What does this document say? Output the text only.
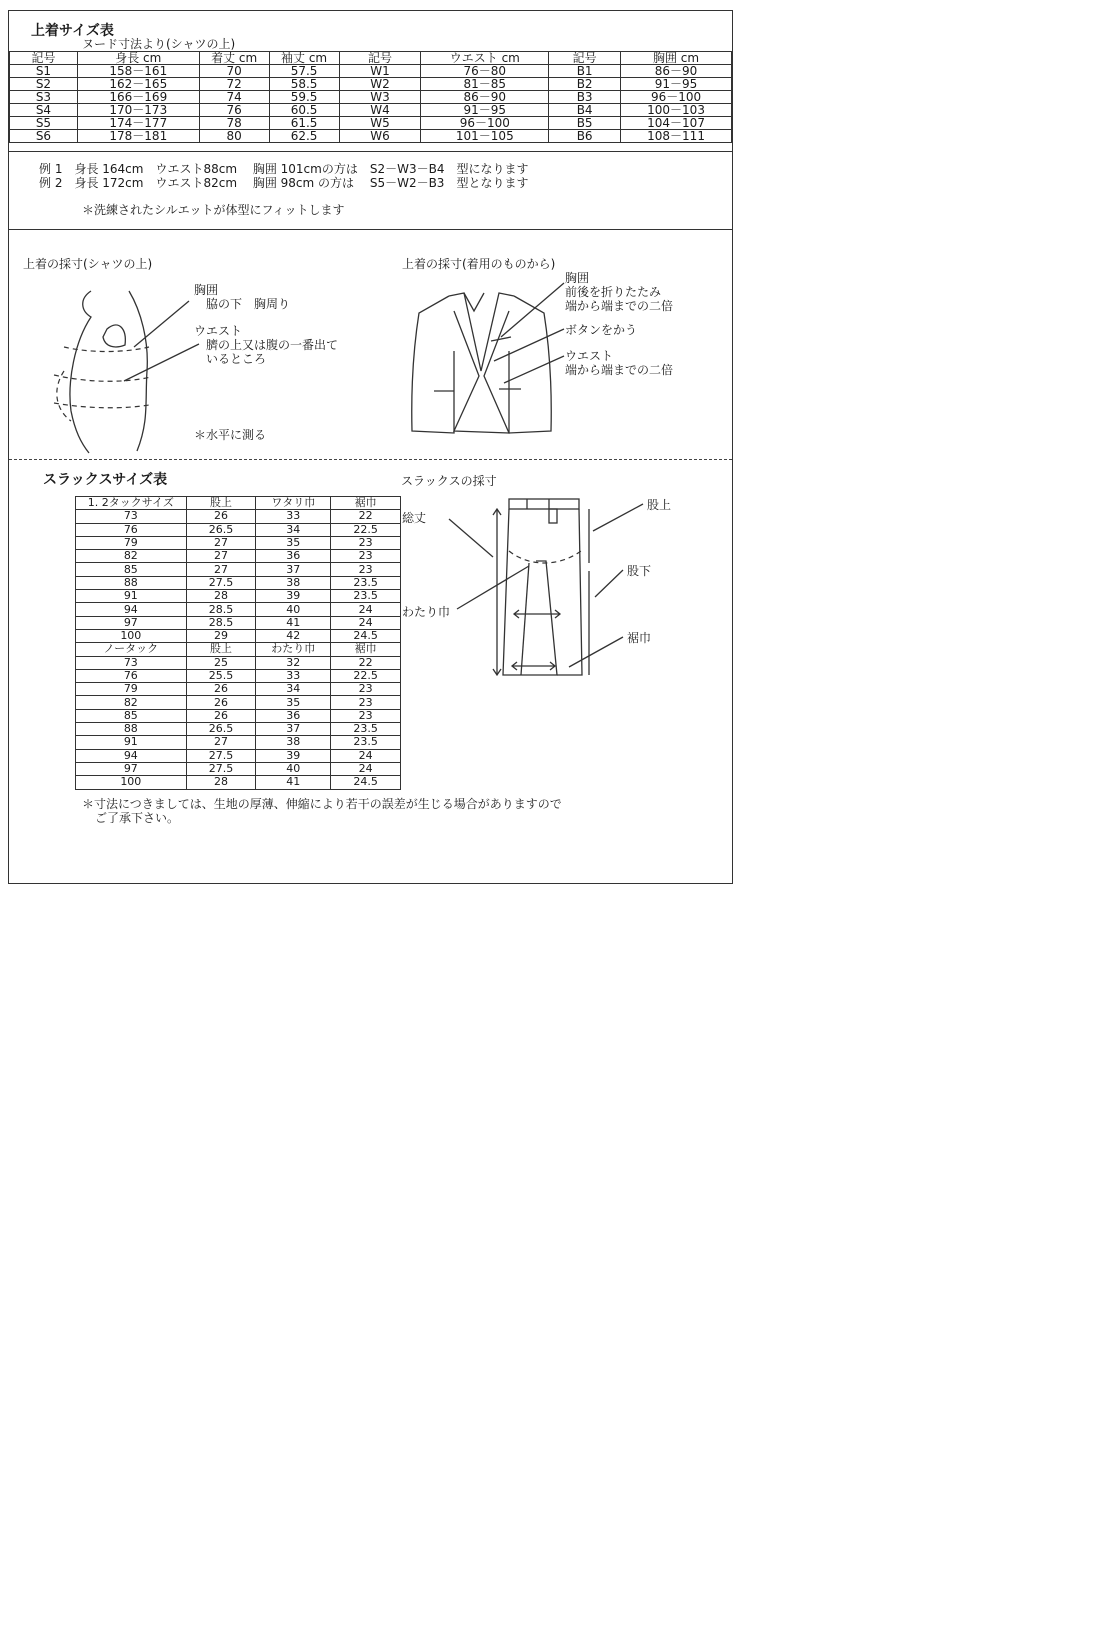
上着サイズ表
ヌード寸法より(シャツの上)
記号	身長 cm	着丈 cm	袖丈 cm	記号	ウエスト cm	記号	胸囲 cm
S1	158－161	70	57.5	W1	76－80	B1	86－90
S2	162－165	72	58.5	W2	81－85	B2	91－95
S3	166－169	74	59.5	W3	86－90	B3	96－100
S4	170－173	76	60.5	W4	91－95	B4	100－103
S5	174－177	78	61.5	W5	96－100	B5	104－107
S6	178－181	80	62.5	W6	101－105	B6	108－111
例 1　身長 164cm　ウエスト88cm　 胸囲 101cmの方は　S2－W3－B4　型になります
例 2　身長 172cm　ウエスト82cm　 胸囲 98cm の方は　 S5－W2－B3　型となります
＊洗練されたシルエットが体型にフィットします
上着の採寸(シャツの上)
胸囲
脇の下　胸周り
ウエスト
臍の上又は腹の一番出て
いるところ
＊水平に測る
上着の採寸(着用のものから)
胸囲
前後を折りたたみ
端から端までの二倍
ボタンをかう
ウエスト
端から端までの二倍
スラックスサイズ表
1. 2タックサイズ	股上	ワタリ巾	裾巾
73	26	33	22
76	26.5	34	22.5
79	27	35	23
82	27	36	23
85	27	37	23
88	27.5	38	23.5
91	28	39	23.5
94	28.5	40	24
97	28.5	41	24
100	29	42	24.5
ノータック	股上	わたり巾	裾巾
73	25	32	22
76	25.5	33	22.5
79	26	34	23
82	26	35	23
85	26	36	23
88	26.5	37	23.5
91	27	38	23.5
94	27.5	39	24
97	27.5	40	24
100	28	41	24.5
スラックスの採寸
総丈
股上
股下
わたり巾
裾巾
＊寸法につきましては、生地の厚薄、伸縮により若干の誤差が生じる場合がありますので
ご了承下さい。
